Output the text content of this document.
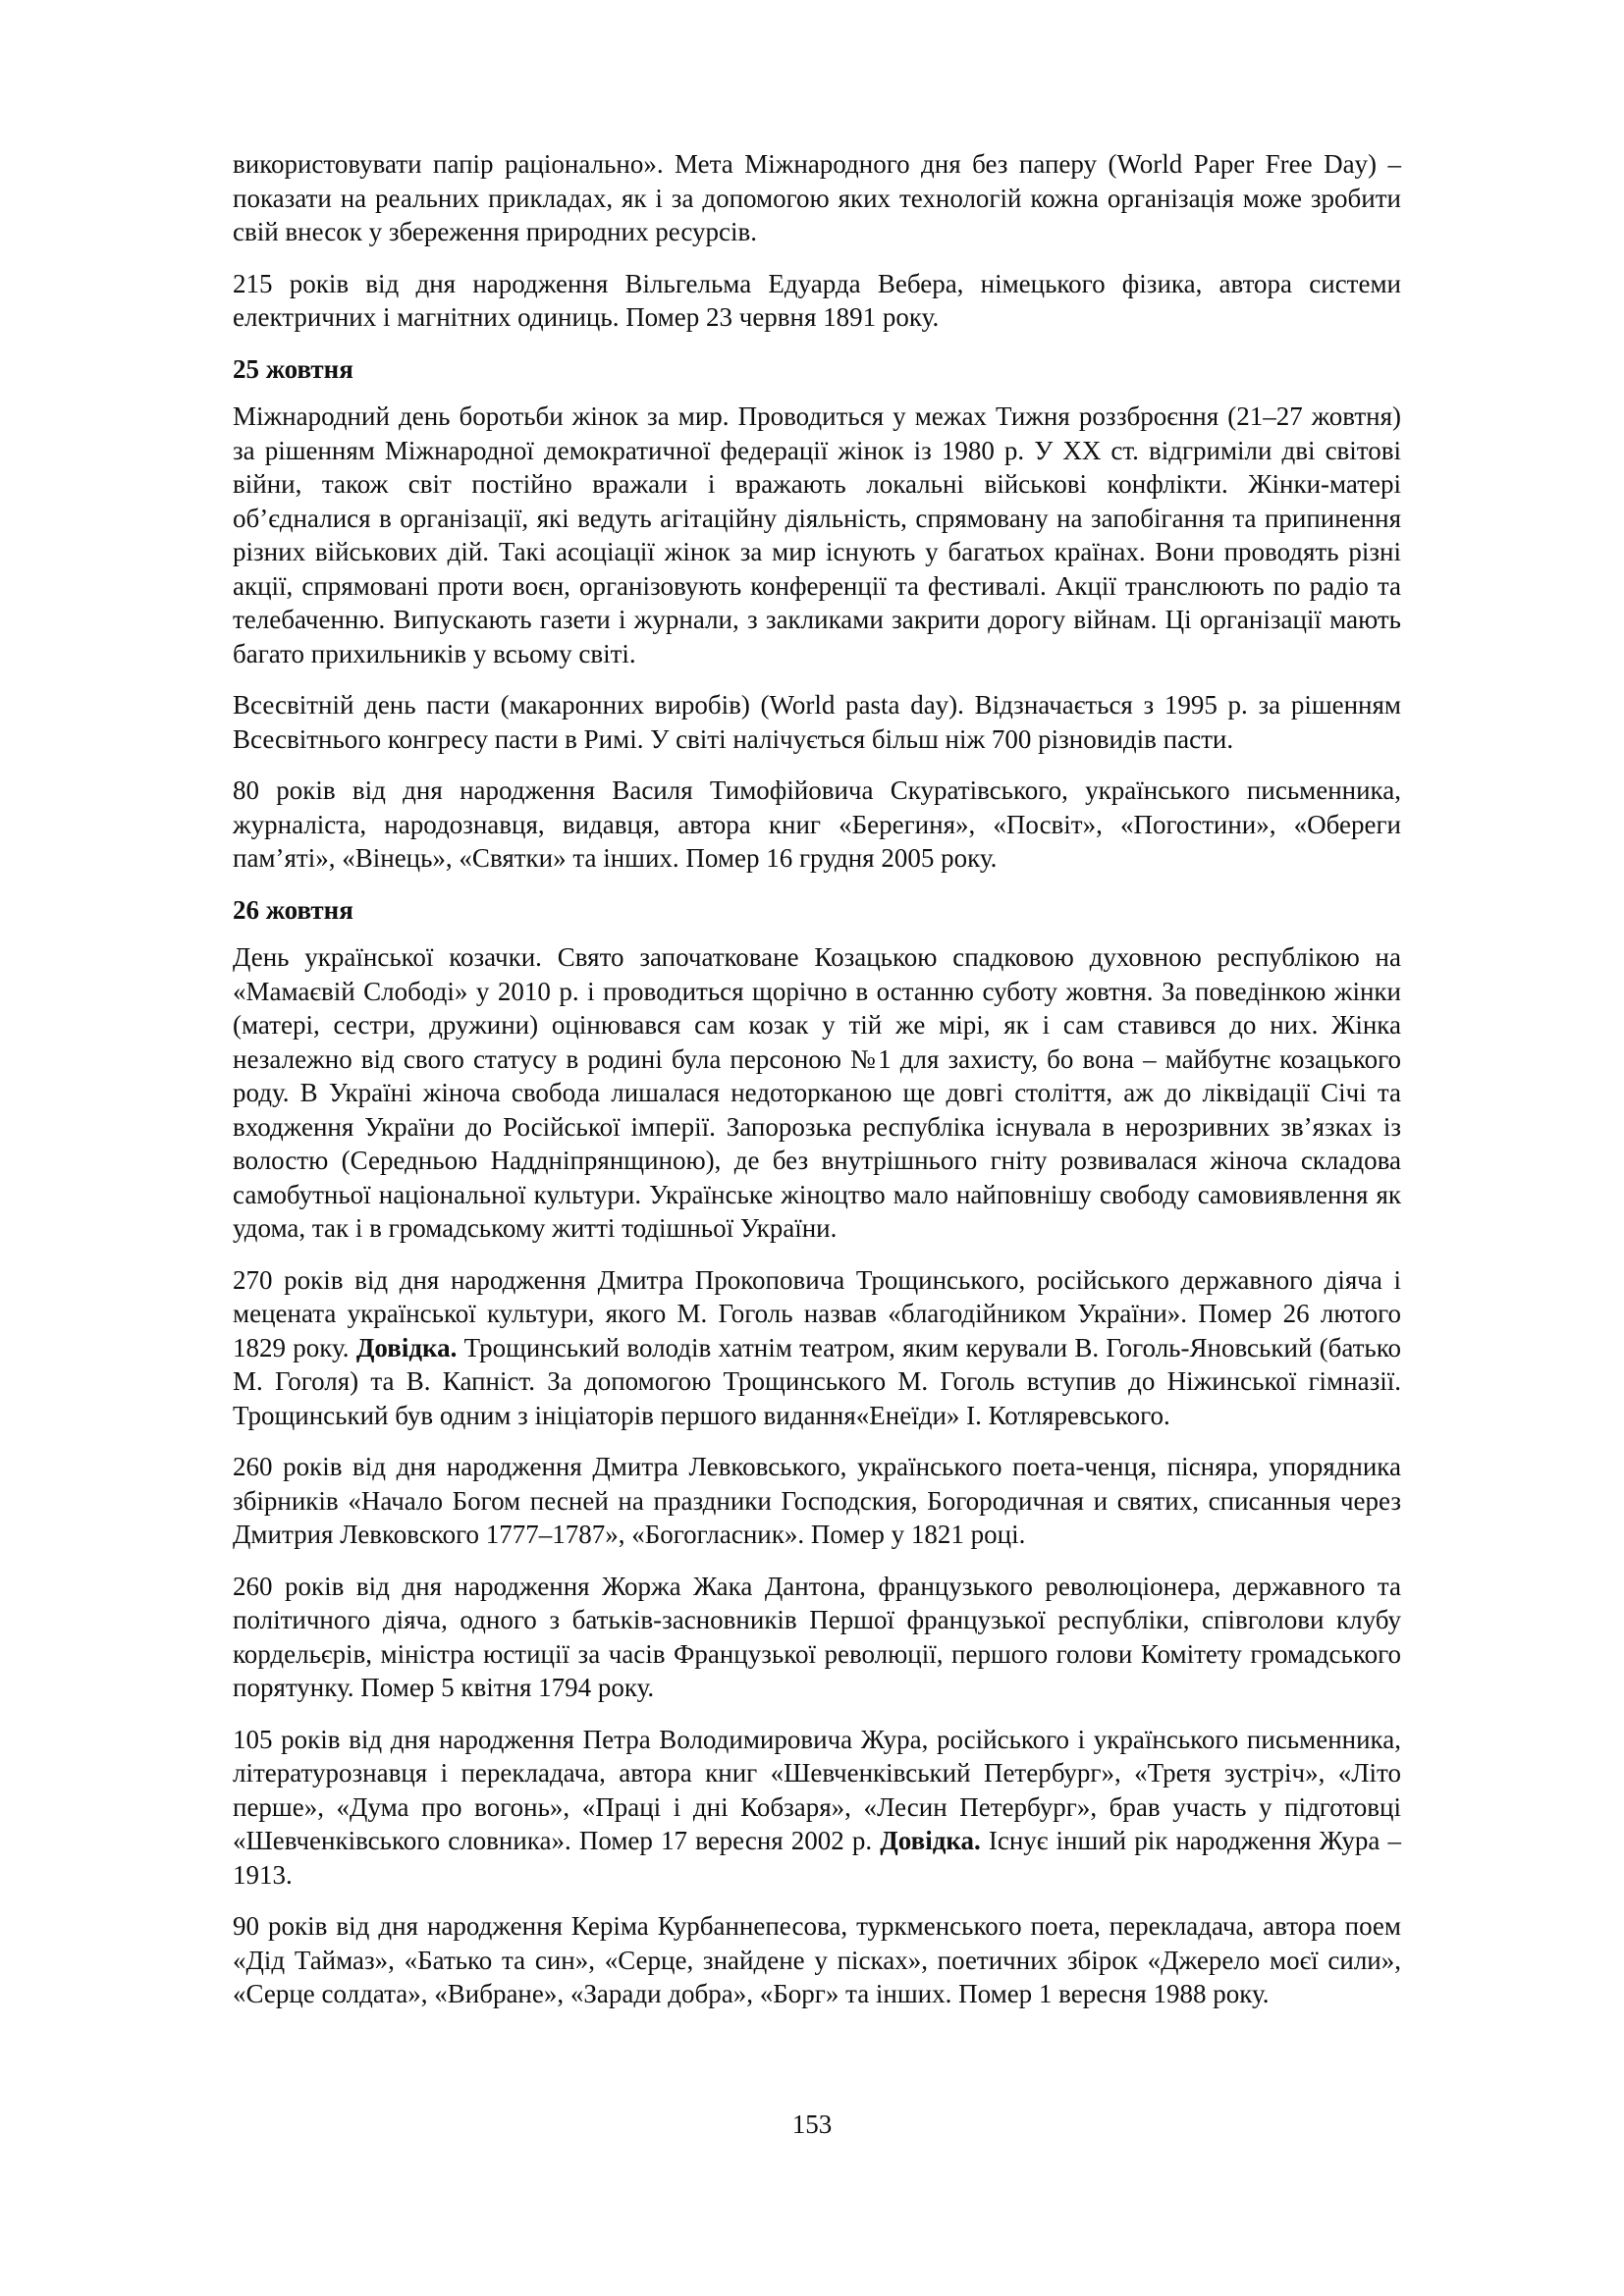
використовувати папір раціонально». Мета Міжнародного дня без паперу (World Paper Free Day) – показати на реальних прикладах, як і за допомогою яких технологій кожна організація може зробити свій внесок у збереження природних ресурсів.

215 років від дня народження Вільгельма Едуарда Вебера, німецького фізика, автора системи електричних і магнітних одиниць. Помер 23 червня 1891 року.

25 жовтня

Міжнародний день боротьби жінок за мир. Проводиться у межах Тижня роззброєння (21–27 жовтня) за рішенням Міжнародної демократичної федерації жінок із 1980 р. У ХХ ст. відгриміли дві світові війни, також світ постійно вражали і вражають локальні військові конфлікти. Жінки-матері об’єдналися в організації, які ведуть агітаційну діяльність, спрямовану на запобігання та припинення різних військових дій. Такі асоціації жінок за мир існують у багатьох країнах. Вони проводять різні акції, спрямовані проти воєн, організовують конференції та фестивалі. Акції транслюють по радіо та телебаченню. Випускають газети і журнали, з закликами закрити дорогу війнам. Ці організації мають багато прихильників у всьому світі.

Всесвітній день пасти (макаронних виробів) (World pasta day). Відзначається з 1995 р. за рішенням Всесвітнього конгресу пасти в Римі. У світі налічується більш ніж 700 різновидів пасти.

80 років від дня народження Василя Тимофійовича Скуратівського, українського письменника, журналіста, народознавця, видавця, автора книг «Берегиня», «Посвіт», «Погостини», «Обереги пам’яті», «Вінець», «Святки» та інших. Помер 16 грудня 2005 року.

26 жовтня

День української козачки. Свято започатковане Козацькою спадковою духовною республікою на «Мамаєвій Слободі» у 2010 р. і проводиться щорічно в останню суботу жовтня. За поведінкою жінки (матері, сестри, дружини) оцінювався сам козак у тій же мірі, як і сам ставився до них. Жінка незалежно від свого статусу в родині була персоною №1 для захисту, бо вона – майбутнє козацького роду. В Україні жіноча свобода лишалася недоторканою ще довгі століття, аж до ліквідації Січі та входження України до Російської імперії. Запорозька республіка існувала в нерозривних зв’язках із волостю (Середньою Наддніпрянщиною), де без внутрішнього гніту розвивалася жіноча складова самобутньої національної культури. Українське жіноцтво мало найповнішу свободу самовиявлення як удома, так і в громадському житті тодішньої України.

270 років від дня народження Дмитра Прокоповича Трощинського, російського державного діяча і мецената української культури, якого М. Гоголь назвав «благодійником України». Помер 26 лютого 1829 року. Довідка. Трощинський володів хатнім театром, яким керували В. Гоголь-Яновський (батько М. Гоголя) та В. Капніст. За допомогою Трощинського М. Гоголь вступив до Ніжинської гімназії. Трощинський був одним з ініціаторів першого видання«Енеїди» І. Котляревського.

260 років від дня народження Дмитра Левковського, українського поета-ченця, пісняра, упорядника збірників «Начало Богом песней на праздники Господския, Богородичная и святих, списанныя через Дмитрия Левковского 1777–1787», «Богогласник». Помер у 1821 році.

260 років від дня народження Жоржа Жака Дантона, французького революціонера, державного та політичного діяча, одного з батьків-засновників Першої французької республіки, співголови клубу кордельєрів, міністра юстиції за часів Французької революції, першого голови Комітету громадського порятунку. Помер 5 квітня 1794 року.

105 років від дня народження Петра Володимировича Жура, російського і українського письменника, літературознавця і перекладача, автора книг «Шевченківський Петербург», «Третя зустріч», «Літо перше», «Дума про вогонь», «Праці і дні Кобзаря», «Лесин Петербург», брав участь у підготовці «Шевченківського словника». Помер 17 вересня 2002 р. Довідка. Існує інший рік народження Жура – 1913.

90 років від дня народження Керіма Курбаннепесова, туркменського поета, перекладача, автора поем «Дід Таймаз», «Батько та син», «Серце, знайдене у пісках», поетичних збірок «Джерело моєї сили», «Серце солдата», «Вибране», «Заради добра», «Борг» та інших. Помер 1 вересня 1988 року.

153
